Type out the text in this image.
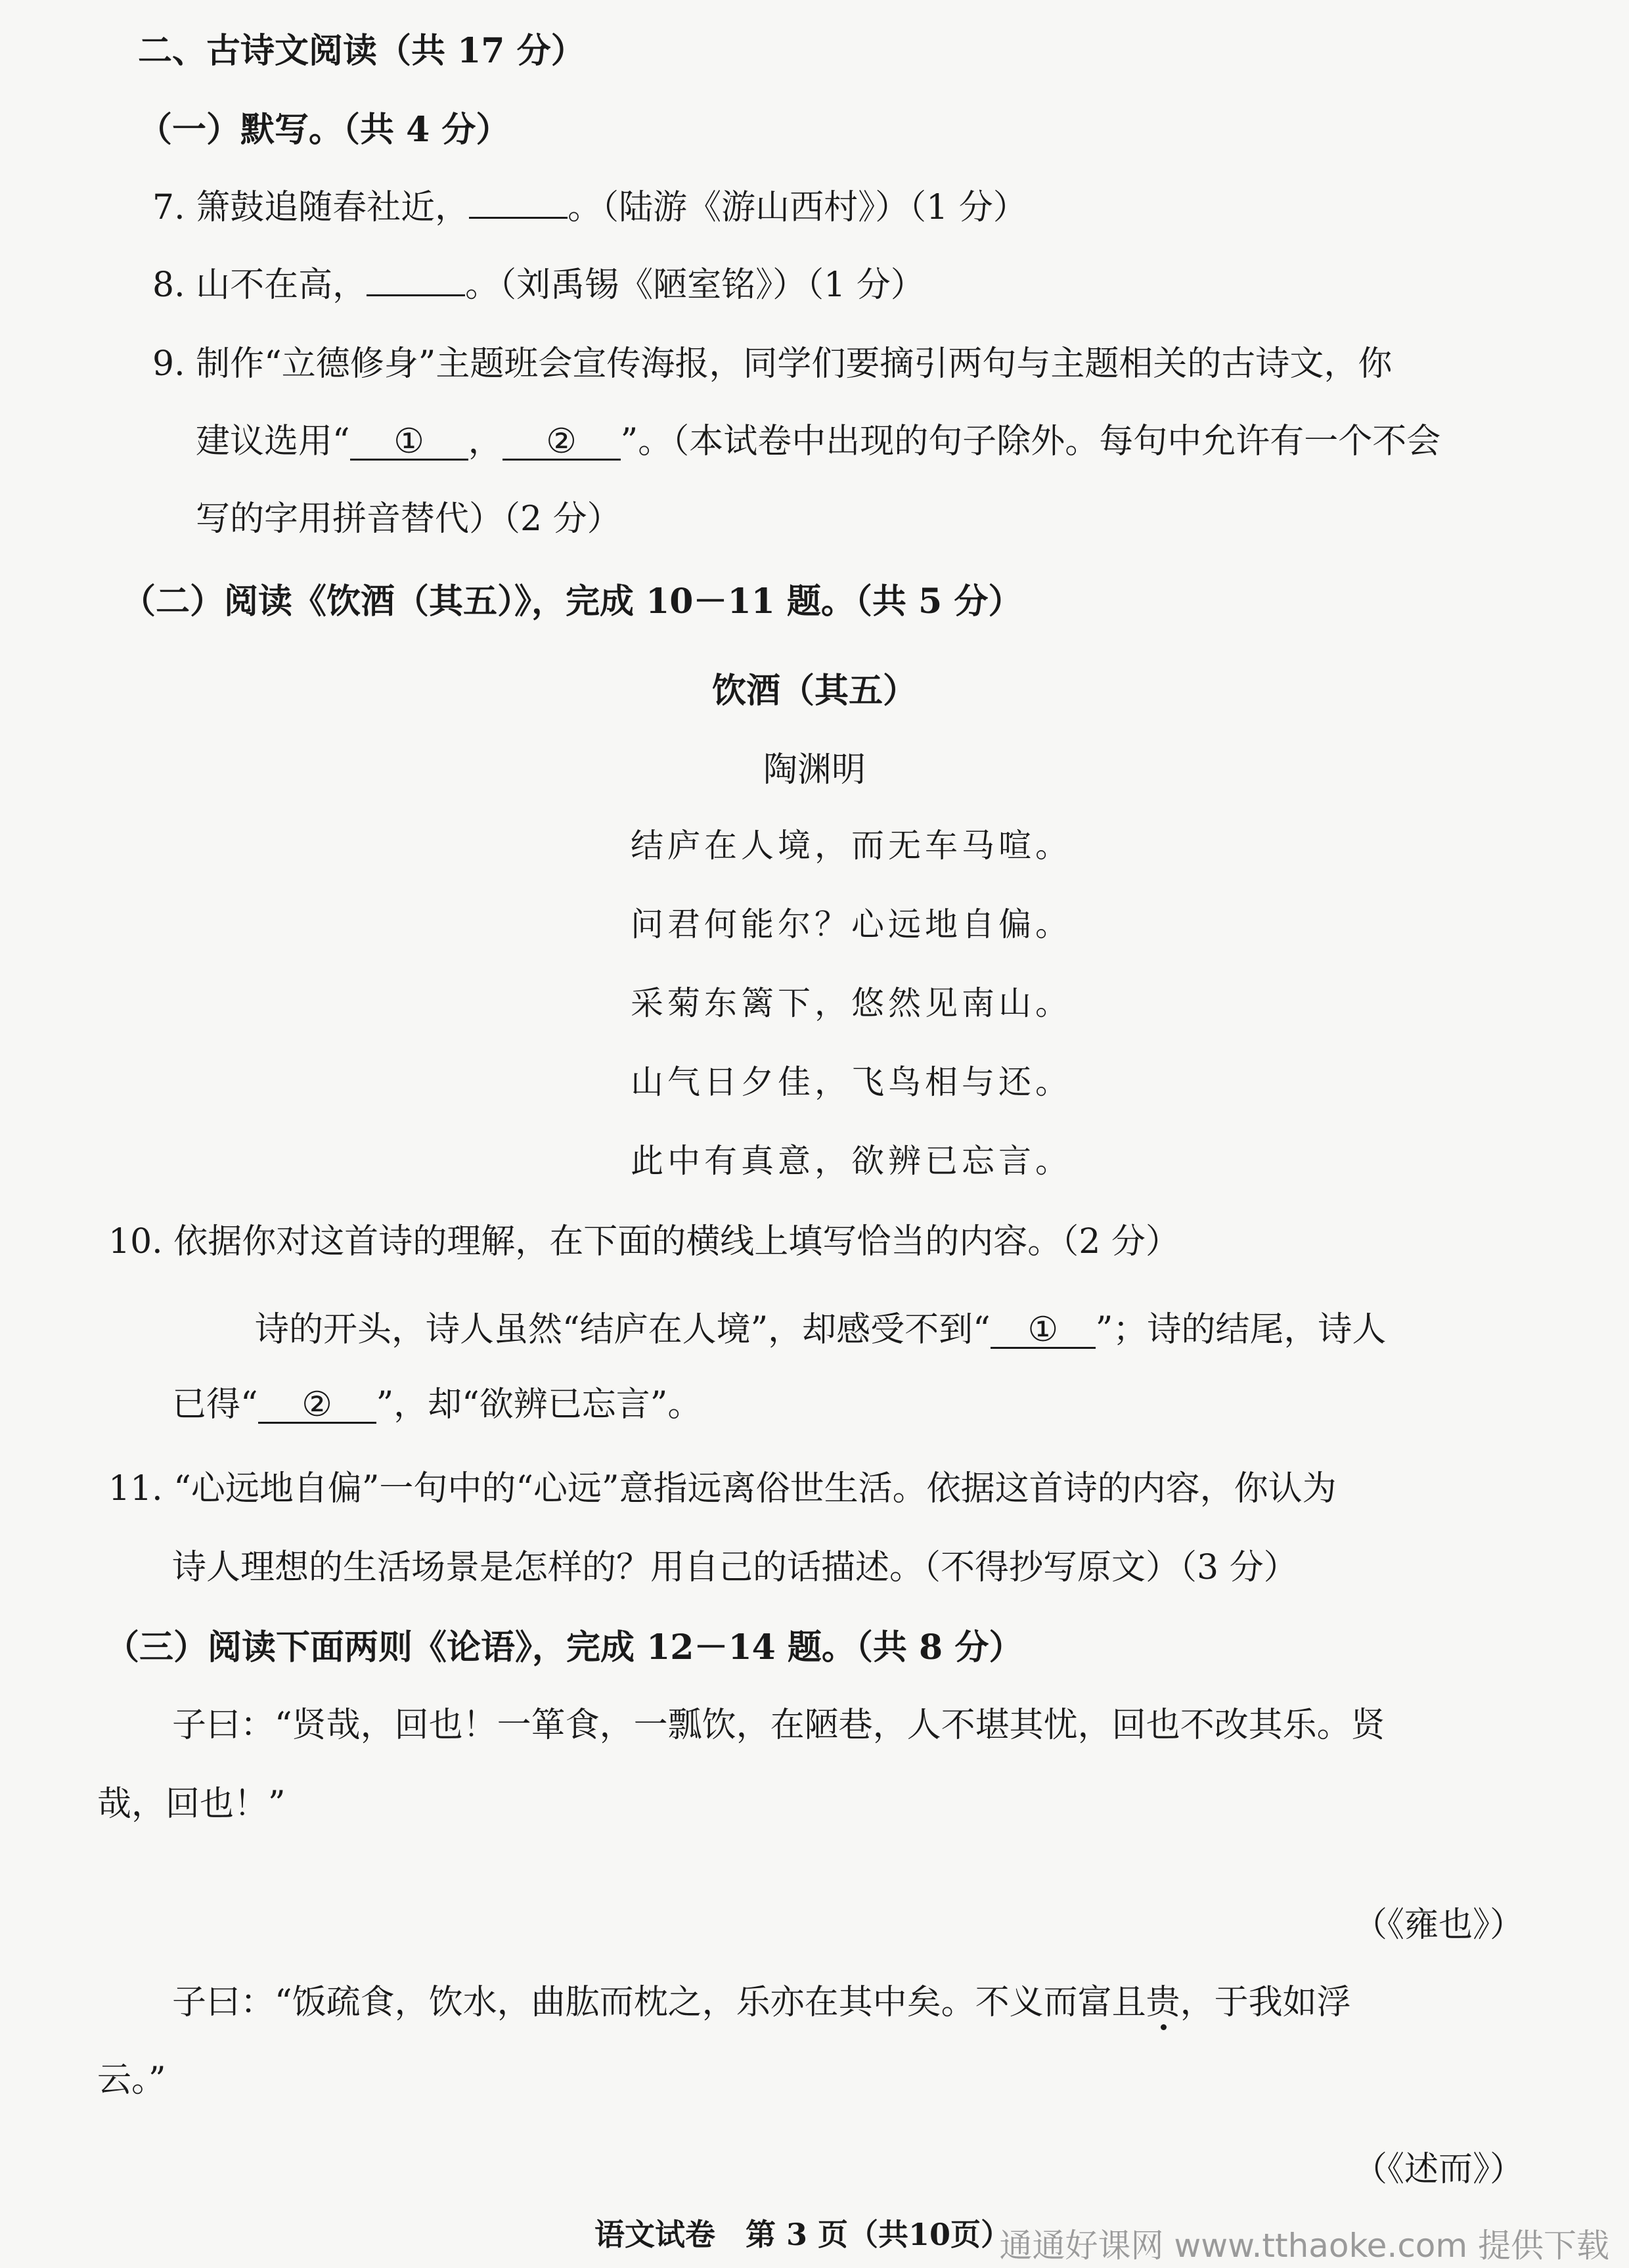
二、古诗文阅读（共 17 分）
（一）默写。（共 4 分）
7. 箫鼓追随春社近，	。（陆游《游山西村》）（1 分）
8. 山不在高，	。（刘禹锡《陋室铭》）（1 分）
9. 制作“立德修身”主题班会宣传海报，同学们要摘引两句与主题相关的古诗文，你
建议选用“ ① ， ② ”。（本试卷中出现的句子除外。每句中允许有一个不会
写的字用拼音替代）（2 分）
（二）阅读《饮酒（其五）》，完成 10－11 题。（共 5 分）
饮酒（其五）
陶渊明
结庐在人境，而无车马喧。
问君何能尔？心远地自偏。
采菊东篱下，悠然见南山。
山气日夕佳，飞鸟相与还。
此中有真意，欲辨已忘言。
10. 依据你对这首诗的理解，在下面的横线上填写恰当的内容。（2 分）
诗的开头，诗人虽然“结庐在人境”，却感受不到“ ① ”；诗的结尾，诗人
已得“ ② ”，却“欲辨已忘言”。
11. “心远地自偏”一句中的“心远”意指远离俗世生活。依据这首诗的内容，你认为
诗人理想的生活场景是怎样的？用自己的话描述。（不得抄写原文）（3 分）
（三）阅读下面两则《论语》，完成 12－14 题。（共 8 分）
子曰：“贤哉，回也！一箪食，一瓢饮，在陋巷，人不堪其忧，回也不改其乐。贤
哉，回也！”
（《雍也》）
子曰：“饭疏食，饮水，曲肱而枕之，乐亦在其中矣。不义而富且贵，于我如浮
云。”
（《述而》）
语文试卷　第 3 页（共10页）
通通好课网 www.tthaoke.com 提供下载
